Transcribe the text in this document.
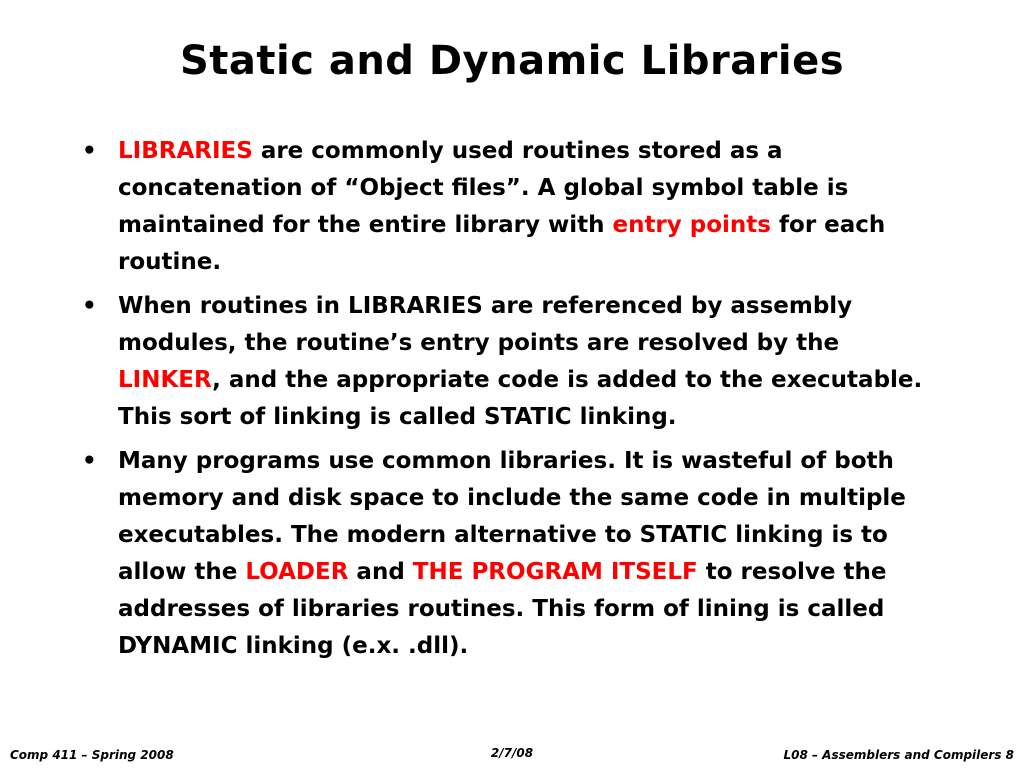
Static and Dynamic Libraries
• LIBRARIES are commonly used routines stored as a concatenation of “Object files”. A global symbol table is maintained for the entire library with entry points for each routine.
• When routines in LIBRARIES are referenced by assembly modules, the routine’s entry points are resolved by the LINKER, and the appropriate code is added to the executable. This sort of linking is called STATIC linking.
• Many programs use common libraries. It is wasteful of both memory and disk space to include the same code in multiple executables. The modern alternative to STATIC linking is to allow the LOADER and THE PROGRAM ITSELF to resolve the addresses of libraries routines. This form of lining is called DYNAMIC linking (e.x. .dll).
Comp 411 – Spring 2008	2/7/08	L08 – Assemblers and Compilers 8
